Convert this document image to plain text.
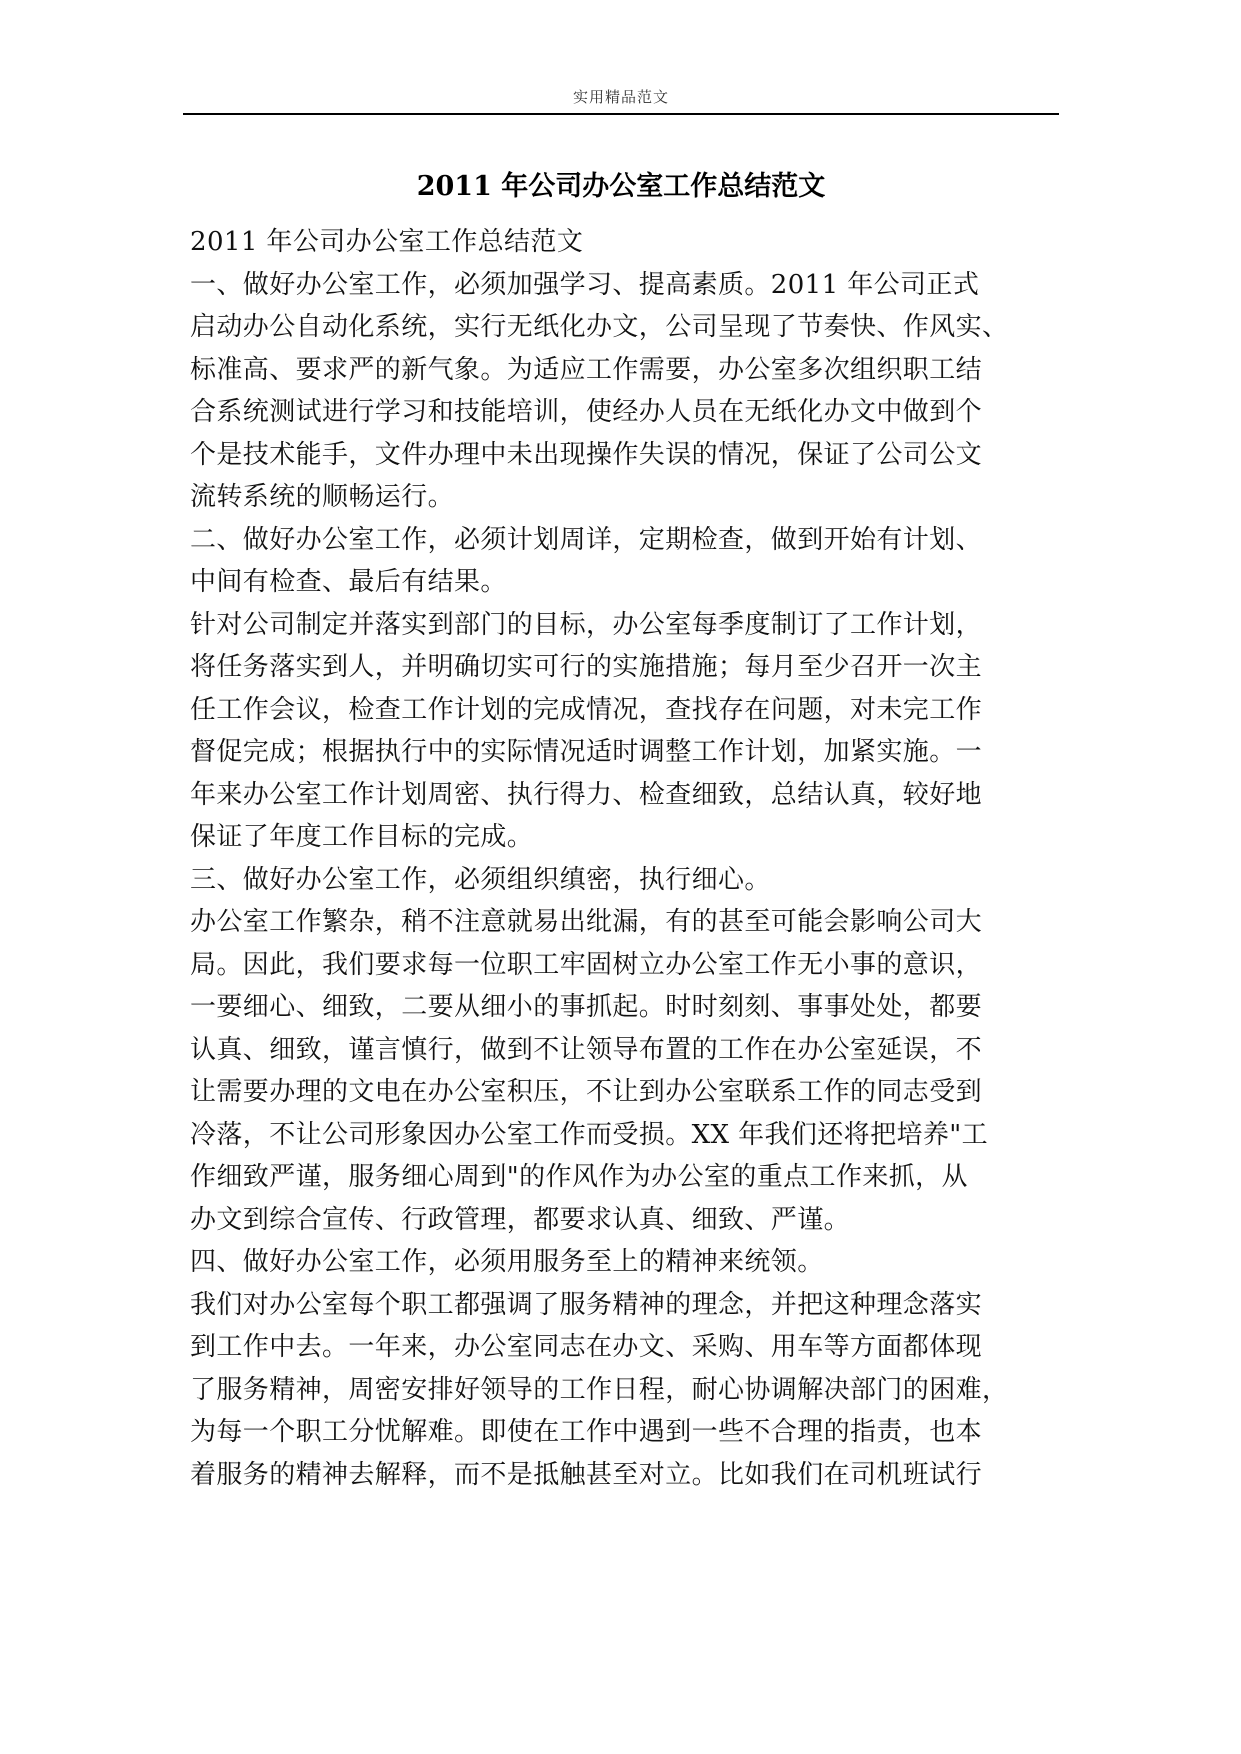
实用精品范文
2011 年公司办公室工作总结范文
2011 年公司办公室工作总结范文
一、做好办公室工作，必须加强学习、提高素质。2011 年公司正式
启动办公自动化系统，实行无纸化办文，公司呈现了节奏快、作风实、
标准高、要求严的新气象。为适应工作需要，办公室多次组织职工结
合系统测试进行学习和技能培训，使经办人员在无纸化办文中做到个
个是技术能手，文件办理中未出现操作失误的情况，保证了公司公文
流转系统的顺畅运行。
二、做好办公室工作，必须计划周详，定期检查，做到开始有计划、
中间有检查、最后有结果。
针对公司制定并落实到部门的目标，办公室每季度制订了工作计划，
将任务落实到人，并明确切实可行的实施措施；每月至少召开一次主
任工作会议，检查工作计划的完成情况，查找存在问题，对未完工作
督促完成；根据执行中的实际情况适时调整工作计划，加紧实施。一
年来办公室工作计划周密、执行得力、检查细致，总结认真，较好地
保证了年度工作目标的完成。
三、做好办公室工作，必须组织缜密，执行细心。
办公室工作繁杂，稍不注意就易出纰漏，有的甚至可能会影响公司大
局。因此，我们要求每一位职工牢固树立办公室工作无小事的意识，
一要细心、细致，二要从细小的事抓起。时时刻刻、事事处处，都要
认真、细致，谨言慎行，做到不让领导布置的工作在办公室延误，不
让需要办理的文电在办公室积压，不让到办公室联系工作的同志受到
冷落，不让公司形象因办公室工作而受损。XX 年我们还将把培养"工
作细致严谨，服务细心周到"的作风作为办公室的重点工作来抓，从
办文到综合宣传、行政管理，都要求认真、细致、严谨。
四、做好办公室工作，必须用服务至上的精神来统领。
我们对办公室每个职工都强调了服务精神的理念，并把这种理念落实
到工作中去。一年来，办公室同志在办文、采购、用车等方面都体现
了服务精神，周密安排好领导的工作日程，耐心协调解决部门的困难，
为每一个职工分忧解难。即使在工作中遇到一些不合理的指责，也本
着服务的精神去解释，而不是抵触甚至对立。比如我们在司机班试行
